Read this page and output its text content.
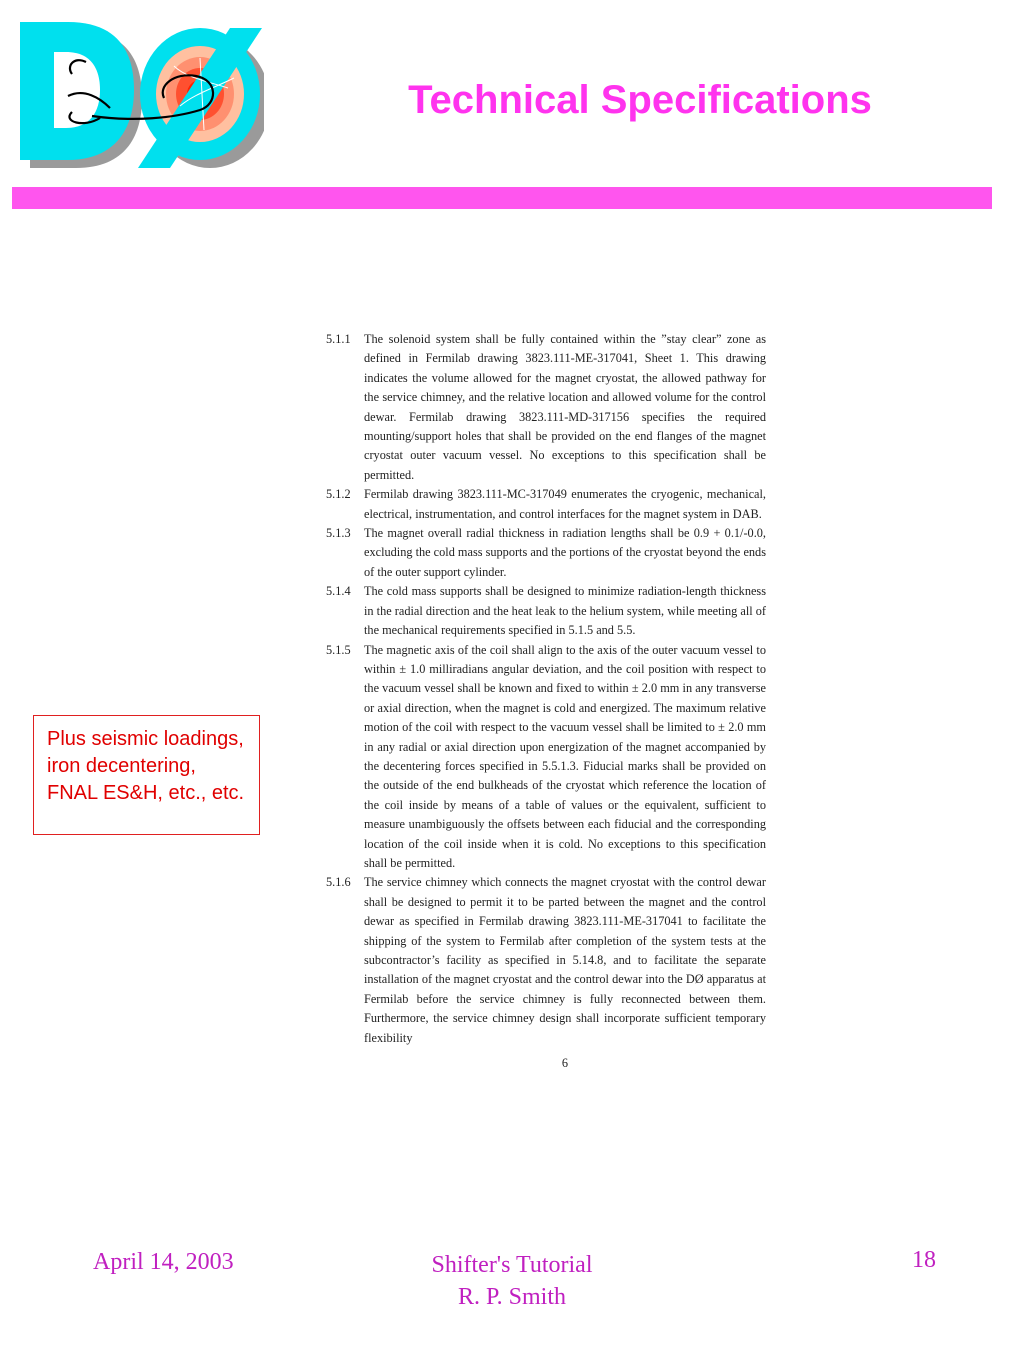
Technical Specifications
5.1.1	The solenoid system shall be fully contained within the ”stay clear” zone as defined in Fermilab drawing 3823.111-ME-317041, Sheet 1. This drawing indicates the volume allowed for the magnet cryostat, the allowed pathway for the service chimney, and the relative location and allowed volume for the control dewar. Fermilab drawing 3823.111-MD-317156 specifies the required mounting/support holes that shall be provided on the end flanges of the magnet cryostat outer vacuum vessel. No exceptions to this specification shall be permitted.
5.1.2	Fermilab drawing 3823.111-MC-317049 enumerates the cryogenic, mechanical, electrical, instrumentation, and control interfaces for the magnet system in DAB.
5.1.3	The magnet overall radial thickness in radiation lengths shall be 0.9 + 0.1/-0.0, excluding the cold mass supports and the portions of the cryostat beyond the ends of the outer support cylinder.
5.1.4	The cold mass supports shall be designed to minimize radiation-length thickness in the radial direction and the heat leak to the helium system, while meeting all of the mechanical requirements specified in 5.1.5 and 5.5.
5.1.5	The magnetic axis of the coil shall align to the axis of the outer vacuum vessel to within ± 1.0 milliradians angular deviation, and the coil position with respect to the vacuum vessel shall be known and fixed to within ± 2.0 mm in any transverse or axial direction, when the magnet is cold and energized. The maximum relative motion of the coil with respect to the vacuum vessel shall be limited to ± 2.0 mm in any radial or axial direction upon energization of the magnet accompanied by the decentering forces specified in 5.5.1.3. Fiducial marks shall be provided on the outside of the end bulkheads of the cryostat which reference the location of the coil inside by means of a table of values or the equivalent, sufficient to measure unambiguously the offsets between each fiducial and the corresponding location of the coil inside when it is cold. No exceptions to this specification shall be permitted.
5.1.6	The service chimney which connects the magnet cryostat with the control dewar shall be designed to permit it to be parted between the magnet and the control dewar as specified in Fermilab drawing 3823.111-ME-317041 to facilitate the shipping of the system to Fermilab after completion of the system tests at the subcontractor’s facility as specified in 5.14.8, and to facilitate the separate installation of the magnet cryostat and the control dewar into the DØ apparatus at Fermilab before the service chimney is fully reconnected between them. Furthermore, the service chimney design shall incorporate sufficient temporary flexibility
6
Plus seismic loadings, iron decentering, FNAL ES&H, etc., etc.
April 14, 2003	Shifter's Tutorial
R. P. Smith
18
